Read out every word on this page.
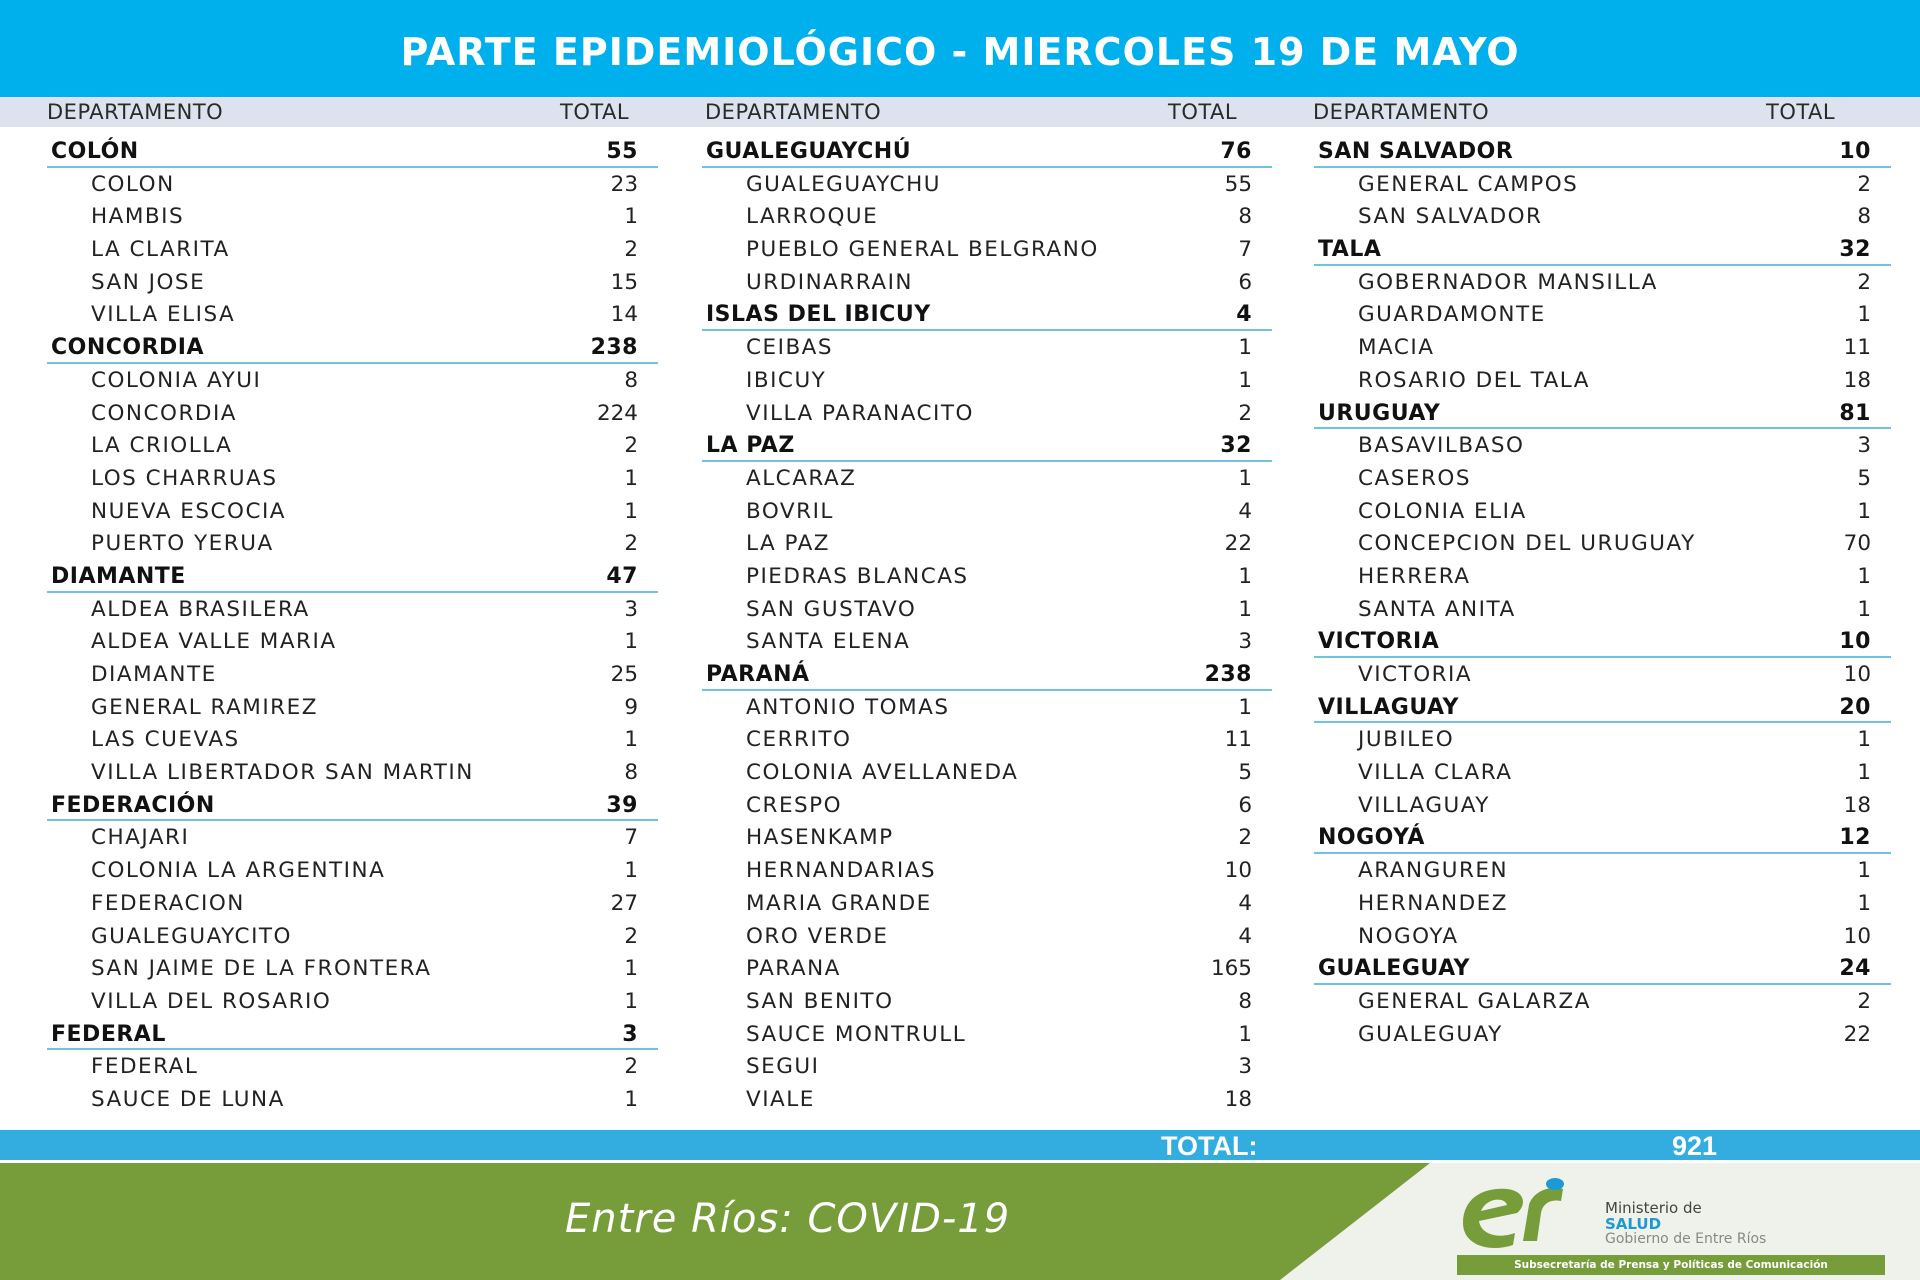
PARTE EPIDEMIOLÓGICO - MIERCOLES 19 DE MAYO
DEPARTAMENTO	TOTAL	DEPARTAMENTO	TOTAL	DEPARTAMENTO	TOTAL
COLÓN	55
COLON	23
HAMBIS	1
LA CLARITA	2
SAN JOSE	15
VILLA ELISA	14
CONCORDIA	238
COLONIA AYUI	8
CONCORDIA	224
LA CRIOLLA	2
LOS CHARRUAS	1
NUEVA ESCOCIA	1
PUERTO YERUA	2
DIAMANTE	47
ALDEA BRASILERA	3
ALDEA VALLE MARIA	1
DIAMANTE	25
GENERAL RAMIREZ	9
LAS CUEVAS	1
VILLA LIBERTADOR SAN MARTIN	8
FEDERACIÓN	39
CHAJARI	7
COLONIA LA ARGENTINA	1
FEDERACION	27
GUALEGUAYCITO	2
SAN JAIME DE LA FRONTERA	1
VILLA DEL ROSARIO	1
FEDERAL	3
FEDERAL	2
SAUCE DE LUNA	1
GUALEGUAYCHÚ	76
GUALEGUAYCHU	55
LARROQUE	8
PUEBLO GENERAL BELGRANO	7
URDINARRAIN	6
ISLAS DEL IBICUY	4
CEIBAS	1
IBICUY	1
VILLA PARANACITO	2
LA PAZ	32
ALCARAZ	1
BOVRIL	4
LA PAZ	22
PIEDRAS BLANCAS	1
SAN GUSTAVO	1
SANTA ELENA	3
PARANÁ	238
ANTONIO TOMAS	1
CERRITO	11
COLONIA AVELLANEDA	5
CRESPO	6
HASENKAMP	2
HERNANDARIAS	10
MARIA GRANDE	4
ORO VERDE	4
PARANA	165
SAN BENITO	8
SAUCE MONTRULL	1
SEGUI	3
VIALE	18
SAN SALVADOR	10
GENERAL CAMPOS	2
SAN SALVADOR	8
TALA	32
GOBERNADOR MANSILLA	2
GUARDAMONTE	1
MACIA	11
ROSARIO DEL TALA	18
URUGUAY	81
BASAVILBASO	3
CASEROS	5
COLONIA ELIA	1
CONCEPCION DEL URUGUAY	70
HERRERA	1
SANTA ANITA	1
VICTORIA	10
VICTORIA	10
VILLAGUAY	20
JUBILEO	1
VILLA CLARA	1
VILLAGUAY	18
NOGOYÁ	12
ARANGUREN	1
HERNANDEZ	1
NOGOYA	10
GUALEGUAY	24
GENERAL GALARZA	2
GUALEGUAY	22
TOTAL:	921
Entre Ríos: COVID-19	Ministerio de
SALUD
Gobierno de Entre Ríos
Subsecretaría de Prensa y Políticas de Comunicación
